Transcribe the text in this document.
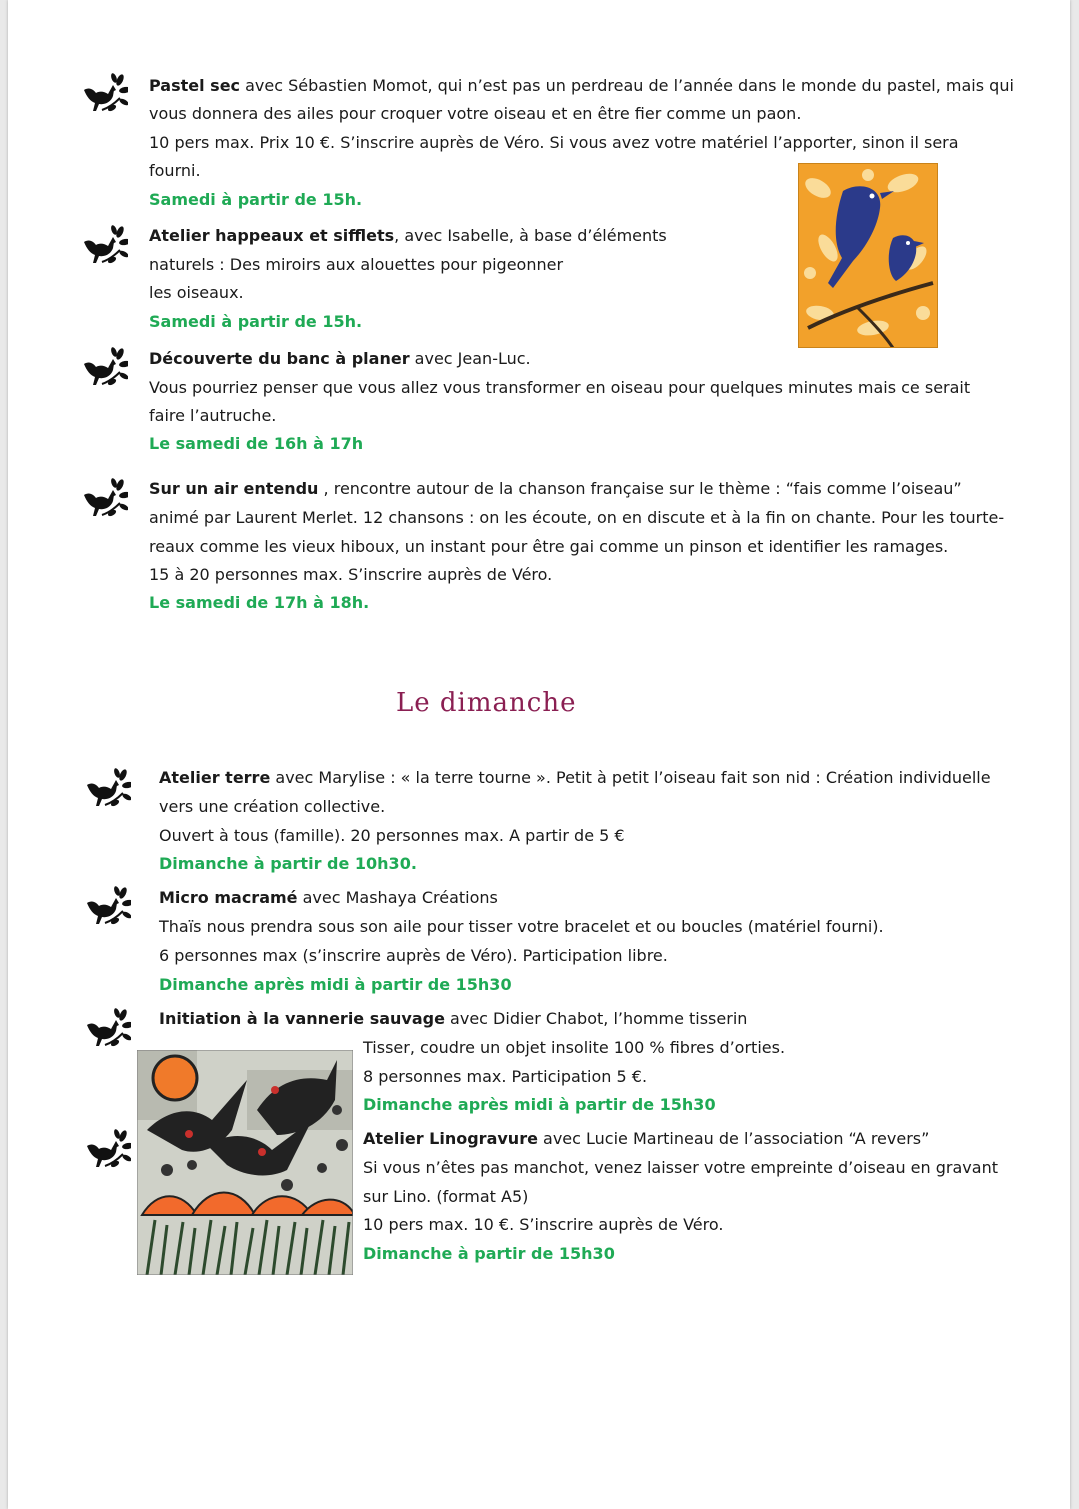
Pastel sec avec Sébastien Momot, qui n’est pas un perdreau de l’année dans le monde du pastel, mais qui
vous donnera des ailes pour croquer votre oiseau et en être fier comme un paon.
10 pers max. Prix 10 €. S’inscrire auprès de Véro. Si vous avez votre matériel l’apporter, sinon il sera
fourni.
Samedi à partir de 15h.
Atelier happeaux et sifflets, avec Isabelle, à base d’éléments
naturels : Des miroirs aux alouettes pour pigeonner
les oiseaux.
Samedi à partir de 15h.
Découverte du banc à planer avec Jean-Luc.
Vous pourriez penser que vous allez vous transformer en oiseau pour quelques minutes mais ce serait
faire l’autruche.
Le samedi de 16h à 17h
Sur un air entendu , rencontre autour de la chanson française sur le thème : “fais comme l’oiseau”
animé par Laurent Merlet. 12 chansons : on les écoute, on en discute et à la fin on chante. Pour les tourte-
reaux comme les vieux hiboux, un instant pour être gai comme un pinson et identifier les ramages.
15 à 20 personnes max. S’inscrire auprès de Véro.
Le samedi de 17h à 18h.
Le dimanche
Atelier terre avec Marylise : « la terre tourne ». Petit à petit l’oiseau fait son nid : Création individuelle
vers une création collective.
Ouvert à tous (famille). 20 personnes max. A partir de 5 €
Dimanche à partir de 10h30.
Micro macramé avec Mashaya Créations
Thaïs nous prendra sous son aile pour tisser votre bracelet et ou boucles (matériel fourni).
6 personnes max (s’inscrire auprès de Véro). Participation libre.
Dimanche après midi à partir de 15h30
Initiation à la vannerie sauvage avec Didier Chabot, l’homme tisserin
Tisser, coudre un objet insolite 100 % fibres d’orties.
8 personnes max. Participation 5 €.
Dimanche après midi à partir de 15h30
Atelier Linogravure avec Lucie Martineau de l’association “A revers”
Si vous n’êtes pas manchot, venez laisser votre empreinte d’oiseau en gravant
sur Lino. (format A5)
10 pers max. 10 €. S’inscrire auprès de Véro.
Dimanche à partir de 15h30
